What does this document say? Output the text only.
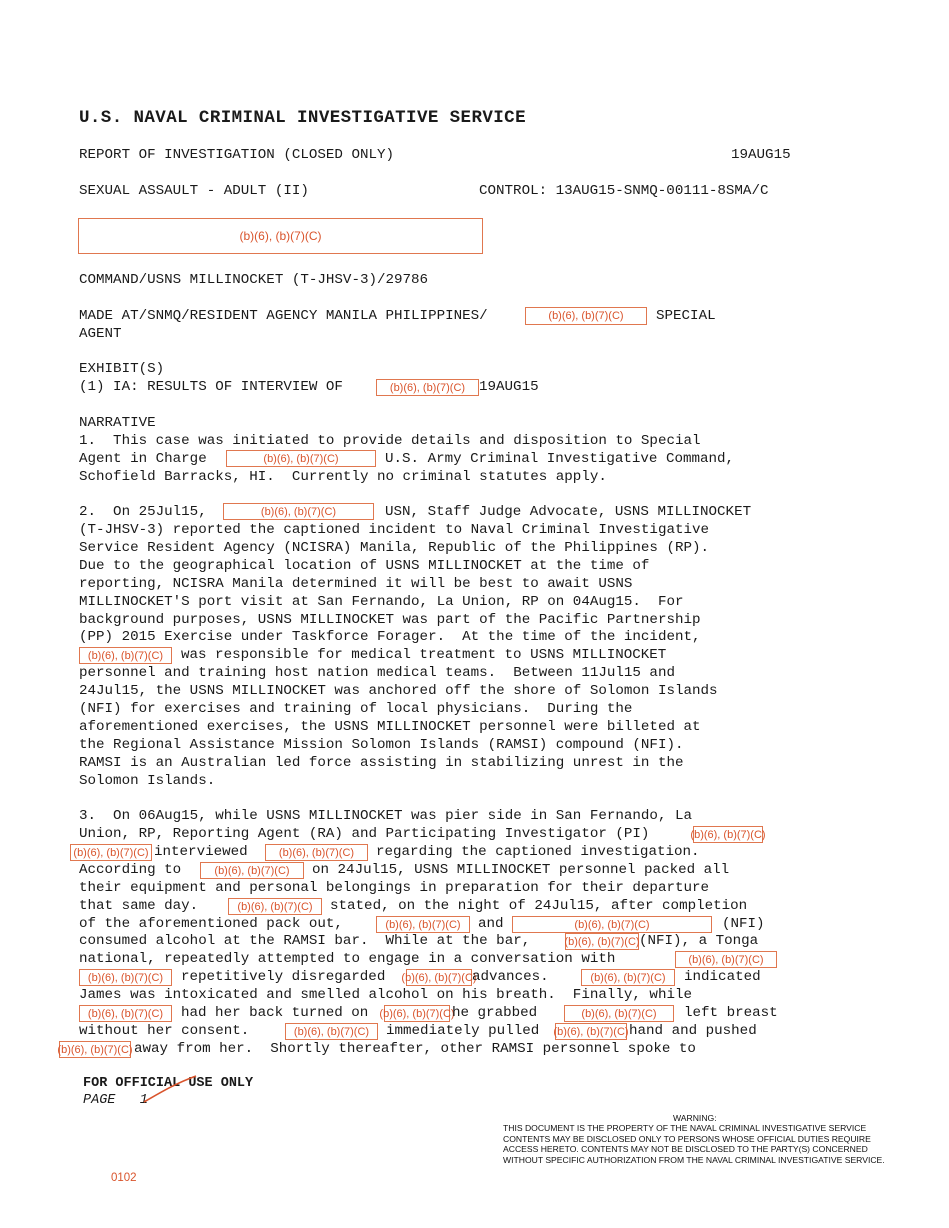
U.S. NAVAL CRIMINAL INVESTIGATIVE SERVICE
REPORT OF INVESTIGATION (CLOSED ONLY)	19AUG15
SEXUAL ASSAULT - ADULT (II)	CONTROL: 13AUG15-SNMQ-00111-8SMA/C
(b)(6), (b)(7)(C)
COMMAND/USNS MILLINOCKET (T-JHSV-3)/29786
MADE AT/SNMQ/RESIDENT AGENCY MANILA PHILIPPINES/	(b)(6), (b)(7)(C)	SPECIAL
AGENT
EXHIBIT(S)
(1) IA: RESULTS OF INTERVIEW OF	(b)(6), (b)(7)(C) 19AUG15
NARRATIVE
1.  This case was initiated to provide details and disposition to Special
Agent in Charge	(b)(6), (b)(7)(C)	U.S. Army Criminal Investigative Command,
Schofield Barracks, HI.  Currently no criminal statutes apply.
2.  On 25Jul15,	(b)(6), (b)(7)(C)	USN, Staff Judge Advocate, USNS MILLINOCKET
(T-JHSV-3) reported the captioned incident to Naval Criminal Investigative
Service Resident Agency (NCISRA) Manila, Republic of the Philippines (RP).
Due to the geographical location of USNS MILLINOCKET at the time of
reporting, NCISRA Manila determined it will be best to await USNS
MILLINOCKET'S port visit at San Fernando, La Union, RP on 04Aug15.  For
background purposes, USNS MILLINOCKET was part of the Pacific Partnership
(PP) 2015 Exercise under Taskforce Forager.  At the time of the incident,
(b)(6), (b)(7)(C)	was responsible for medical treatment to USNS MILLINOCKET
personnel and training host nation medical teams.  Between 11Jul15 and
24Jul15, the USNS MILLINOCKET was anchored off the shore of Solomon Islands
(NFI) for exercises and training of local physicians.  During the
aforementioned exercises, the USNS MILLINOCKET personnel were billeted at
the Regional Assistance Mission Solomon Islands (RAMSI) compound (NFI).
RAMSI is an Australian led force assisting in stabilizing unrest in the
Solomon Islands.
3.  On 06Aug15, while USNS MILLINOCKET was pier side in San Fernando, La
Union, RP, Reporting Agent (RA) and Participating Investigator (PI)	(b)(6), (b)(7)(C)
(b)(6), (b)(7)(C) interviewed	(b)(6), (b)(7)(C)	regarding the captioned investigation.
According to	(b)(6), (b)(7)(C)	on 24Jul15, USNS MILLINOCKET personnel packed all
their equipment and personal belongings in preparation for their departure
that same day.	(b)(6), (b)(7)(C)	stated, on the night of 24Jul15, after completion
of the aforementioned pack out,	(b)(6), (b)(7)(C)	and	(b)(6), (b)(7)(C)	(NFI)
consumed alcohol at the RAMSI bar.  While at the bar,	(b)(6), (b)(7)(C) (NFI), a Tonga
national, repeatedly attempted to engage in a conversation with	(b)(6), (b)(7)(C)
(b)(6), (b)(7)(C)	repetitively disregarded (b)(6), (b)(7)(C)
advances.	(b)(6), (b)(7)(C)	indicated
James was intoxicated and smelled alcohol on his breath.  Finally, while
(b)(6), (b)(7)(C)	had her back turned on (b)(6), (b)(7)(C)
he grabbed	(b)(6), (b)(7)(C)	left breast
without her consent.	(b)(6), (b)(7)(C)	immediately pulled (b)(6), (b)(7)(C) hand and pushed
(b)(6), (b)(7)(C) away from her.  Shortly thereafter, other RAMSI personnel spoke to
FOR OFFICIAL USE ONLY
PAGE 1
WARNING:
THIS DOCUMENT IS THE PROPERTY OF THE NAVAL CRIMINAL INVESTIGATIVE SERVICE
CONTENTS MAY BE DISCLOSED ONLY TO PERSONS WHOSE OFFICIAL DUTIES REQUIRE
ACCESS HERETO. CONTENTS MAY NOT BE DISCLOSED TO THE PARTY(S) CONCERNED
WITHOUT SPECIFIC AUTHORIZATION FROM THE NAVAL CRIMINAL INVESTIGATIVE SERVICE.
0102
